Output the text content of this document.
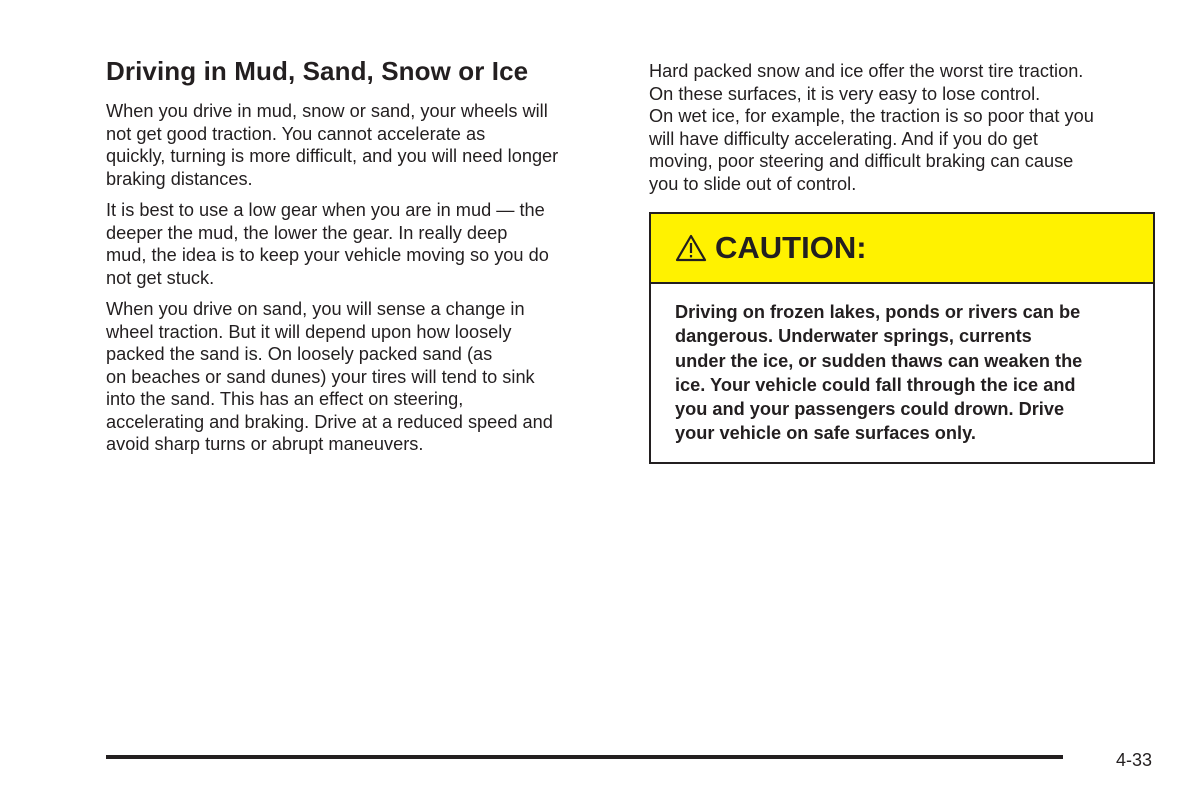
Driving in Mud, Sand, Snow or Ice

When you drive in mud, snow or sand, your wheels will
not get good traction. You cannot accelerate as
quickly, turning is more difficult, and you will need longer
braking distances.

It is best to use a low gear when you are in mud — the
deeper the mud, the lower the gear. In really deep
mud, the idea is to keep your vehicle moving so you do
not get stuck.

When you drive on sand, you will sense a change in
wheel traction. But it will depend upon how loosely
packed the sand is. On loosely packed sand (as
on beaches or sand dunes) your tires will tend to sink
into the sand. This has an effect on steering,
accelerating and braking. Drive at a reduced speed and
avoid sharp turns or abrupt maneuvers.

Hard packed snow and ice offer the worst tire traction.
On these surfaces, it is very easy to lose control.
On wet ice, for example, the traction is so poor that you
will have difficulty accelerating. And if you do get
moving, poor steering and difficult braking can cause
you to slide out of control.

CAUTION:
Driving on frozen lakes, ponds or rivers can be
dangerous. Underwater springs, currents
under the ice, or sudden thaws can weaken the
ice. Your vehicle could fall through the ice and
you and your passengers could drown. Drive
your vehicle on safe surfaces only.
4-33
